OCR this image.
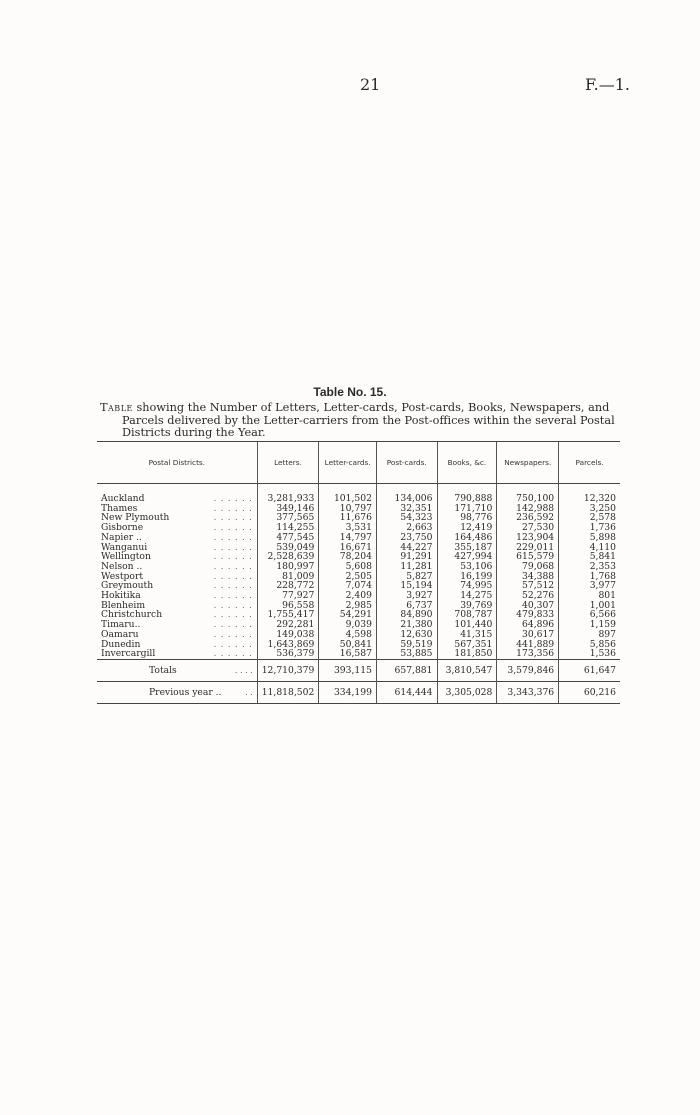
21	F.—1.
Table No. 15.
Table showing the Number of Letters, Letter-cards, Post-cards, Books, Newspapers, and
Parcels delivered by the Letter-carriers from the Post-offices within the several Postal
Districts during the Year.
Postal Districts.	Letters.	Letter-cards.	Post-cards.	Books, &c.	Newspapers.	Parcels.

Auckland . . . . . .	3,281,933	101,502	134,006	790,888	750,100	12,320

Thames . . . . . .	349,146	10,797	32,351	171,710	142,988	3,250

New Plymouth . . . . . .	377,565	11,676	54,323	98,776	236,592	2,578

Gisborne . . . . . .	114,255	3,531	2,663	12,419	27,530	1,736

Napier .. . . . . . .	477,545	14,797	23,750	164,486	123,904	5,898

Wanganui . . . . . .	539,049	16,671	44,227	355,187	229,011	4,110

Wellington . . . . . .	2,528,639	78,204	91,291	427,994	615,579	5,841

Nelson .. . . . . . .	180,997	5,608	11,281	53,106	79,068	2,353

Westport . . . . . .	81,009	2,505	5,827	16,199	34,388	1,768

Greymouth . . . . . .	228,772	7,074	15,194	74,995	57,512	3,977

Hokitika . . . . . .	77,927	2,409	3,927	14,275	52,276	801

Blenheim . . . . . .	96,558	2,985	6,737	39,769	40,307	1,001

Christchurch . . . . . .	1,755,417	54,291	84,890	708,787	479,833	6,566

Timaru.. . . . . . .	292,281	9,039	21,380	101,440	64,896	1,159

Oamaru . . . . . .	149,038	4,598	12,630	41,315	30,617	897

Dunedin . . . . . .	1,643,869	50,841	59,519	567,351	441,889	5,856

Invercargill . . . . . .	536,379	16,587	53,885	181,850	173,356	1,536

Totals . . . .	12,710,379	393,115	657,881	3,810,547	3,579,846	61,647

Previous year .. . .	11,818,502	334,199	614,444	3,305,028	3,343,376	60,216
